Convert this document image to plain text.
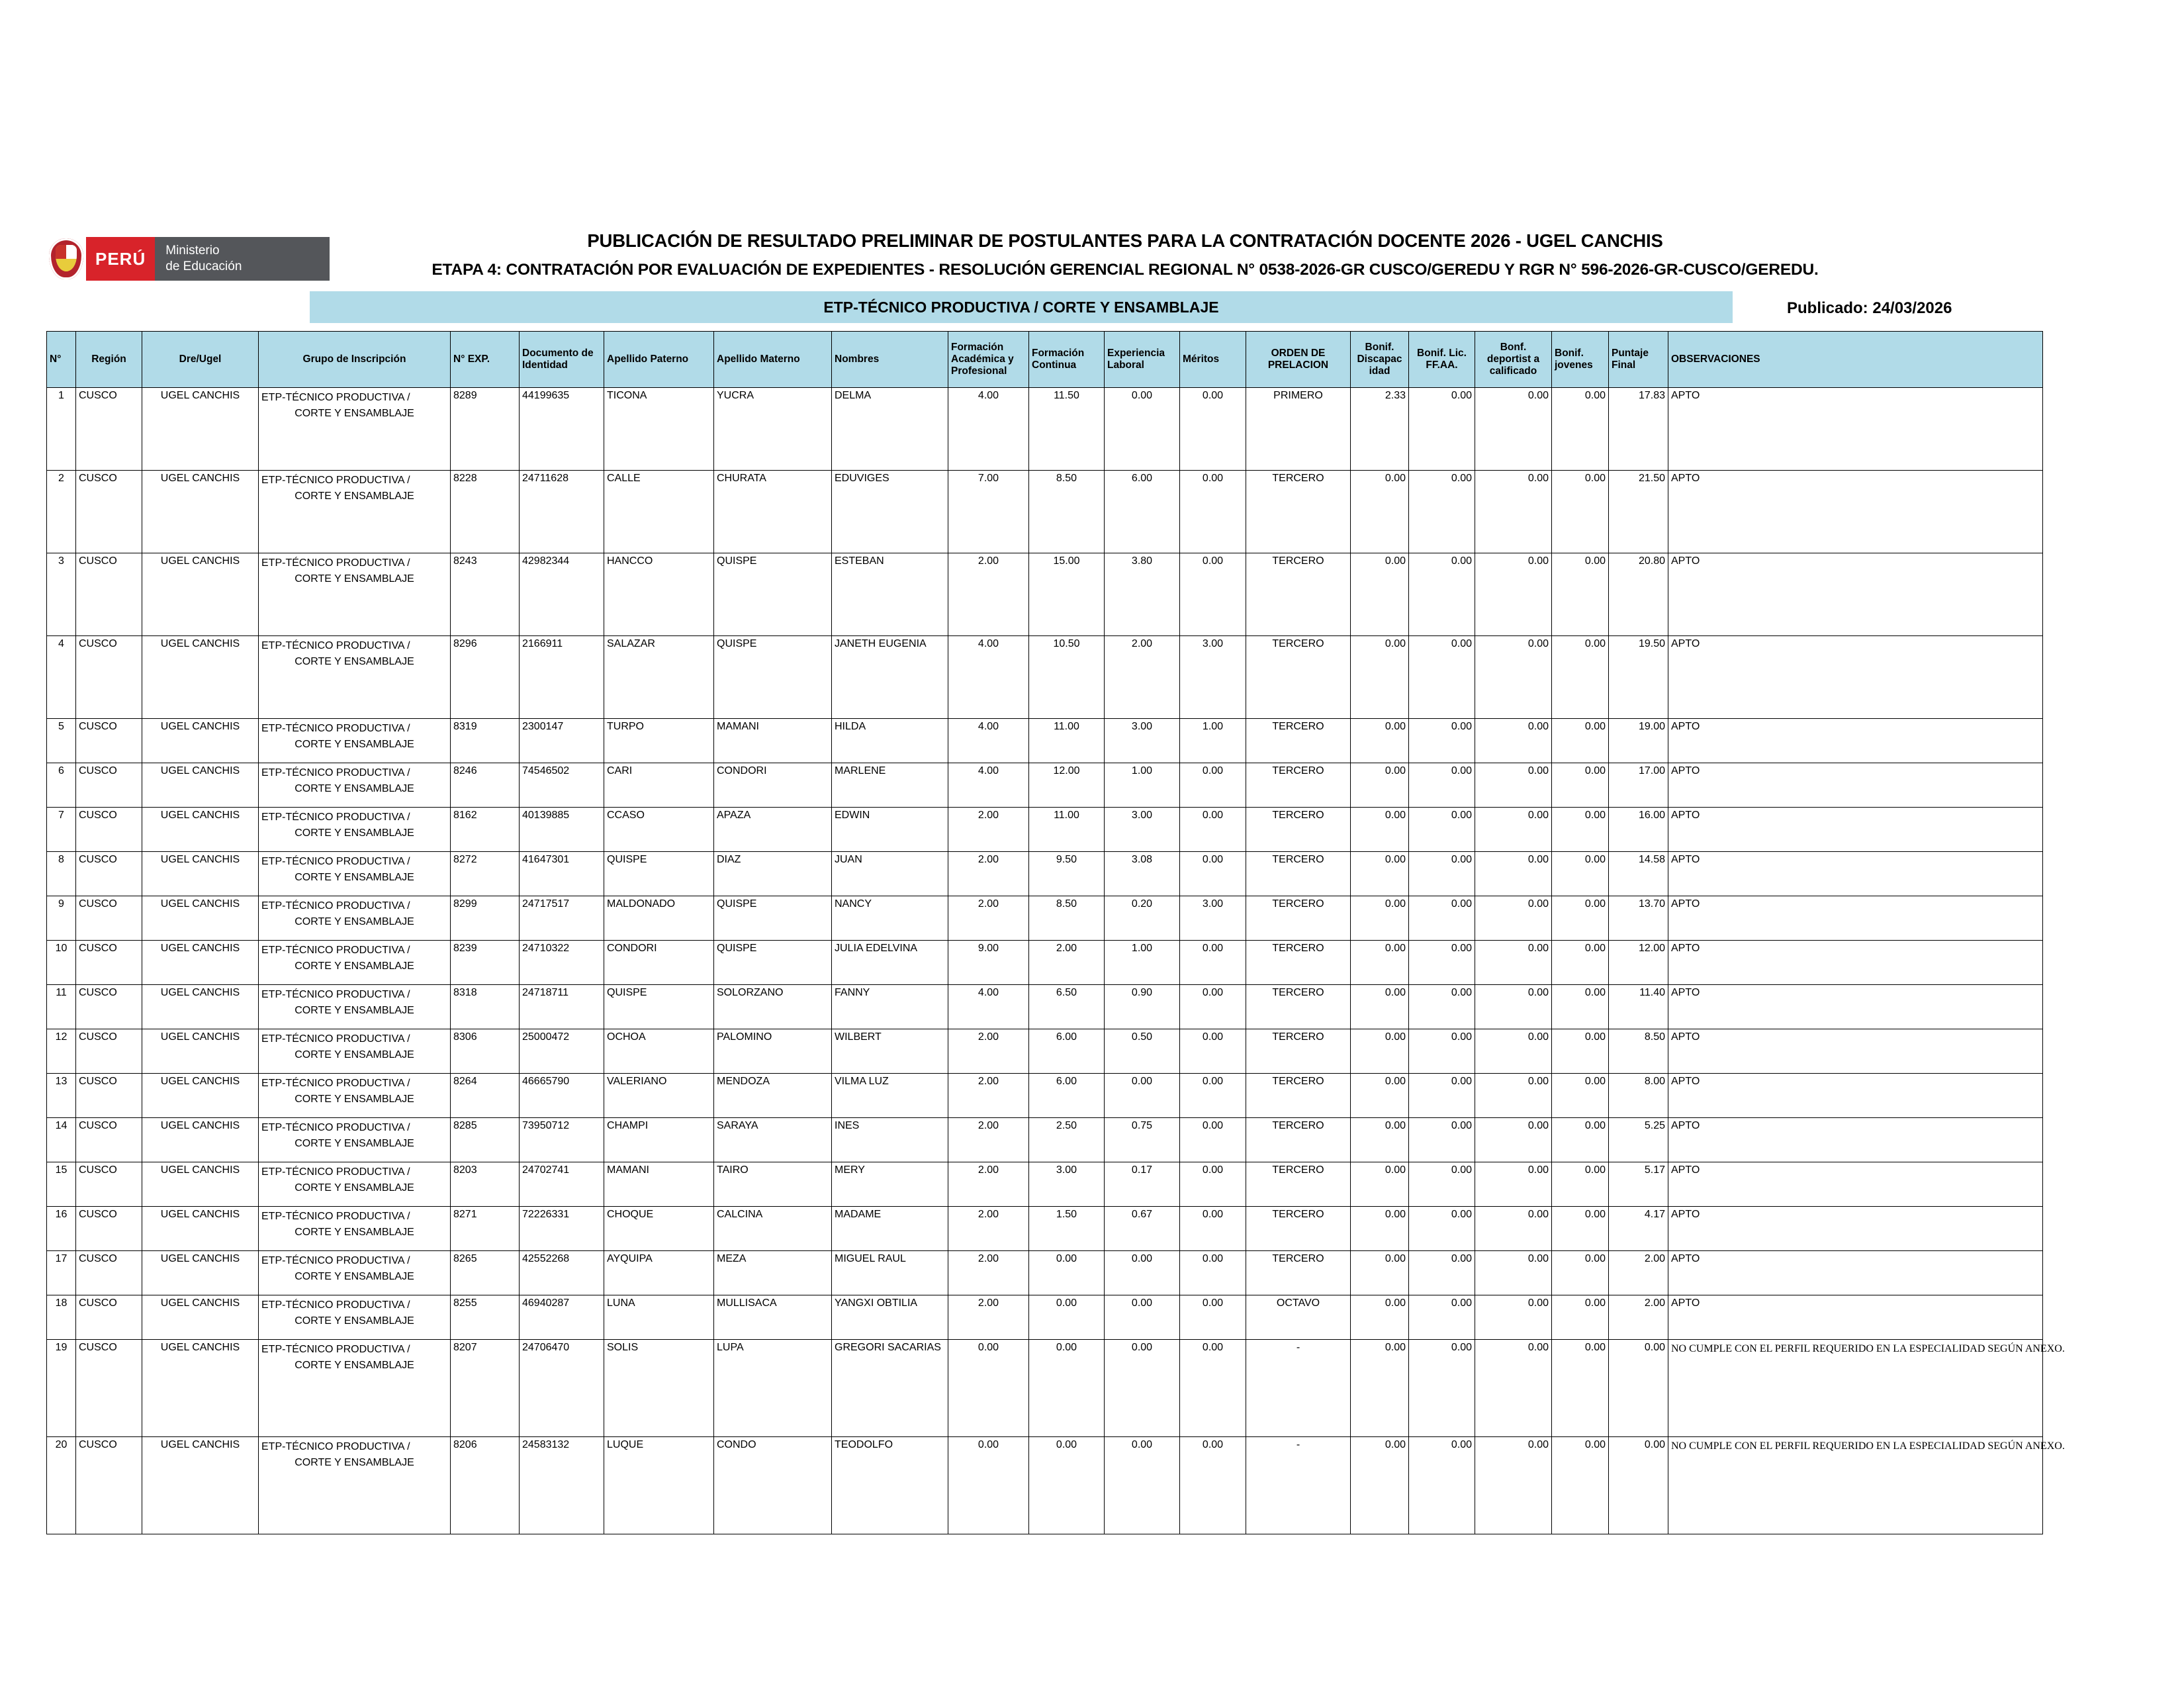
PERÚ	Ministerio
de Educación
PUBLICACIÓN DE RESULTADO PRELIMINAR DE POSTULANTES PARA LA CONTRATACIÓN DOCENTE 2026 - UGEL CANCHIS
ETAPA 4: CONTRATACIÓN POR EVALUACIÓN DE EXPEDIENTES - RESOLUCIÓN GERENCIAL REGIONAL N° 0538-2026-GR CUSCO/GEREDU Y RGR N° 596-2026-GR-CUSCO/GEREDU.
ETP-TÉCNICO PRODUCTIVA / CORTE Y ENSAMBLAJE	Publicado: 24/03/2026
N°	Región	Dre/Ugel	Grupo de Inscripción	N° EXP.	Documento de Identidad	Apellido Paterno	Apellido Materno	Nombres	Formación Académica y Profesional	Formación Continua	Experiencia Laboral	Méritos	ORDEN DE PRELACION	Bonif. Discapac idad	Bonif. Lic. FF.AA.	Bonf. deportist a calificado	Bonif. jovenes	Puntaje Final	OBSERVACIONES
1	CUSCO	UGEL CANCHIS	ETP-TÉCNICO PRODUCTIVA /
CORTE Y ENSAMBLAJE	8289	44199635	TICONA	YUCRA	DELMA	4.00	11.50	0.00	0.00	PRIMERO	2.33	0.00	0.00	0.00	17.83	APTO
2	CUSCO	UGEL CANCHIS	ETP-TÉCNICO PRODUCTIVA /
CORTE Y ENSAMBLAJE	8228	24711628	CALLE	CHURATA	EDUVIGES	7.00	8.50	6.00	0.00	TERCERO	0.00	0.00	0.00	0.00	21.50	APTO
3	CUSCO	UGEL CANCHIS	ETP-TÉCNICO PRODUCTIVA /
CORTE Y ENSAMBLAJE	8243	42982344	HANCCO	QUISPE	ESTEBAN	2.00	15.00	3.80	0.00	TERCERO	0.00	0.00	0.00	0.00	20.80	APTO
4	CUSCO	UGEL CANCHIS	ETP-TÉCNICO PRODUCTIVA /
CORTE Y ENSAMBLAJE	8296	2166911	SALAZAR	QUISPE	JANETH EUGENIA	4.00	10.50	2.00	3.00	TERCERO	0.00	0.00	0.00	0.00	19.50	APTO
5	CUSCO	UGEL CANCHIS	ETP-TÉCNICO PRODUCTIVA /
CORTE Y ENSAMBLAJE	8319	2300147	TURPO	MAMANI	HILDA	4.00	11.00	3.00	1.00	TERCERO	0.00	0.00	0.00	0.00	19.00	APTO
6	CUSCO	UGEL CANCHIS	ETP-TÉCNICO PRODUCTIVA /
CORTE Y ENSAMBLAJE	8246	74546502	CARI	CONDORI	MARLENE	4.00	12.00	1.00	0.00	TERCERO	0.00	0.00	0.00	0.00	17.00	APTO
7	CUSCO	UGEL CANCHIS	ETP-TÉCNICO PRODUCTIVA /
CORTE Y ENSAMBLAJE	8162	40139885	CCASO	APAZA	EDWIN	2.00	11.00	3.00	0.00	TERCERO	0.00	0.00	0.00	0.00	16.00	APTO
8	CUSCO	UGEL CANCHIS	ETP-TÉCNICO PRODUCTIVA /
CORTE Y ENSAMBLAJE	8272	41647301	QUISPE	DIAZ	JUAN	2.00	9.50	3.08	0.00	TERCERO	0.00	0.00	0.00	0.00	14.58	APTO
9	CUSCO	UGEL CANCHIS	ETP-TÉCNICO PRODUCTIVA /
CORTE Y ENSAMBLAJE	8299	24717517	MALDONADO	QUISPE	NANCY	2.00	8.50	0.20	3.00	TERCERO	0.00	0.00	0.00	0.00	13.70	APTO
10	CUSCO	UGEL CANCHIS	ETP-TÉCNICO PRODUCTIVA /
CORTE Y ENSAMBLAJE	8239	24710322	CONDORI	QUISPE	JULIA EDELVINA	9.00	2.00	1.00	0.00	TERCERO	0.00	0.00	0.00	0.00	12.00	APTO
11	CUSCO	UGEL CANCHIS	ETP-TÉCNICO PRODUCTIVA /
CORTE Y ENSAMBLAJE	8318	24718711	QUISPE	SOLORZANO	FANNY	4.00	6.50	0.90	0.00	TERCERO	0.00	0.00	0.00	0.00	11.40	APTO
12	CUSCO	UGEL CANCHIS	ETP-TÉCNICO PRODUCTIVA /
CORTE Y ENSAMBLAJE	8306	25000472	OCHOA	PALOMINO	WILBERT	2.00	6.00	0.50	0.00	TERCERO	0.00	0.00	0.00	0.00	8.50	APTO
13	CUSCO	UGEL CANCHIS	ETP-TÉCNICO PRODUCTIVA /
CORTE Y ENSAMBLAJE	8264	46665790	VALERIANO	MENDOZA	VILMA LUZ	2.00	6.00	0.00	0.00	TERCERO	0.00	0.00	0.00	0.00	8.00	APTO
14	CUSCO	UGEL CANCHIS	ETP-TÉCNICO PRODUCTIVA /
CORTE Y ENSAMBLAJE	8285	73950712	CHAMPI	SARAYA	INES	2.00	2.50	0.75	0.00	TERCERO	0.00	0.00	0.00	0.00	5.25	APTO
15	CUSCO	UGEL CANCHIS	ETP-TÉCNICO PRODUCTIVA /
CORTE Y ENSAMBLAJE	8203	24702741	MAMANI	TAIRO	MERY	2.00	3.00	0.17	0.00	TERCERO	0.00	0.00	0.00	0.00	5.17	APTO
16	CUSCO	UGEL CANCHIS	ETP-TÉCNICO PRODUCTIVA /
CORTE Y ENSAMBLAJE	8271	72226331	CHOQUE	CALCINA	MADAME	2.00	1.50	0.67	0.00	TERCERO	0.00	0.00	0.00	0.00	4.17	APTO
17	CUSCO	UGEL CANCHIS	ETP-TÉCNICO PRODUCTIVA /
CORTE Y ENSAMBLAJE	8265	42552268	AYQUIPA	MEZA	MIGUEL RAUL	2.00	0.00	0.00	0.00	TERCERO	0.00	0.00	0.00	0.00	2.00	APTO
18	CUSCO	UGEL CANCHIS	ETP-TÉCNICO PRODUCTIVA /
CORTE Y ENSAMBLAJE	8255	46940287	LUNA	MULLISACA	YANGXI OBTILIA	2.00	0.00	0.00	0.00	OCTAVO	0.00	0.00	0.00	0.00	2.00	APTO
19	CUSCO	UGEL CANCHIS	ETP-TÉCNICO PRODUCTIVA /
CORTE Y ENSAMBLAJE	8207	24706470	SOLIS	LUPA	GREGORI SACARIAS	0.00	0.00	0.00	0.00	-	0.00	0.00	0.00	0.00	0.00	NO CUMPLE CON EL PERFIL REQUERIDO EN LA ESPECIALIDAD SEGÚN ANEXO.
20	CUSCO	UGEL CANCHIS	ETP-TÉCNICO PRODUCTIVA /
CORTE Y ENSAMBLAJE	8206	24583132	LUQUE	CONDO	TEODOLFO	0.00	0.00	0.00	0.00	-	0.00	0.00	0.00	0.00	0.00	NO CUMPLE CON EL PERFIL REQUERIDO EN LA ESPECIALIDAD SEGÚN ANEXO.
